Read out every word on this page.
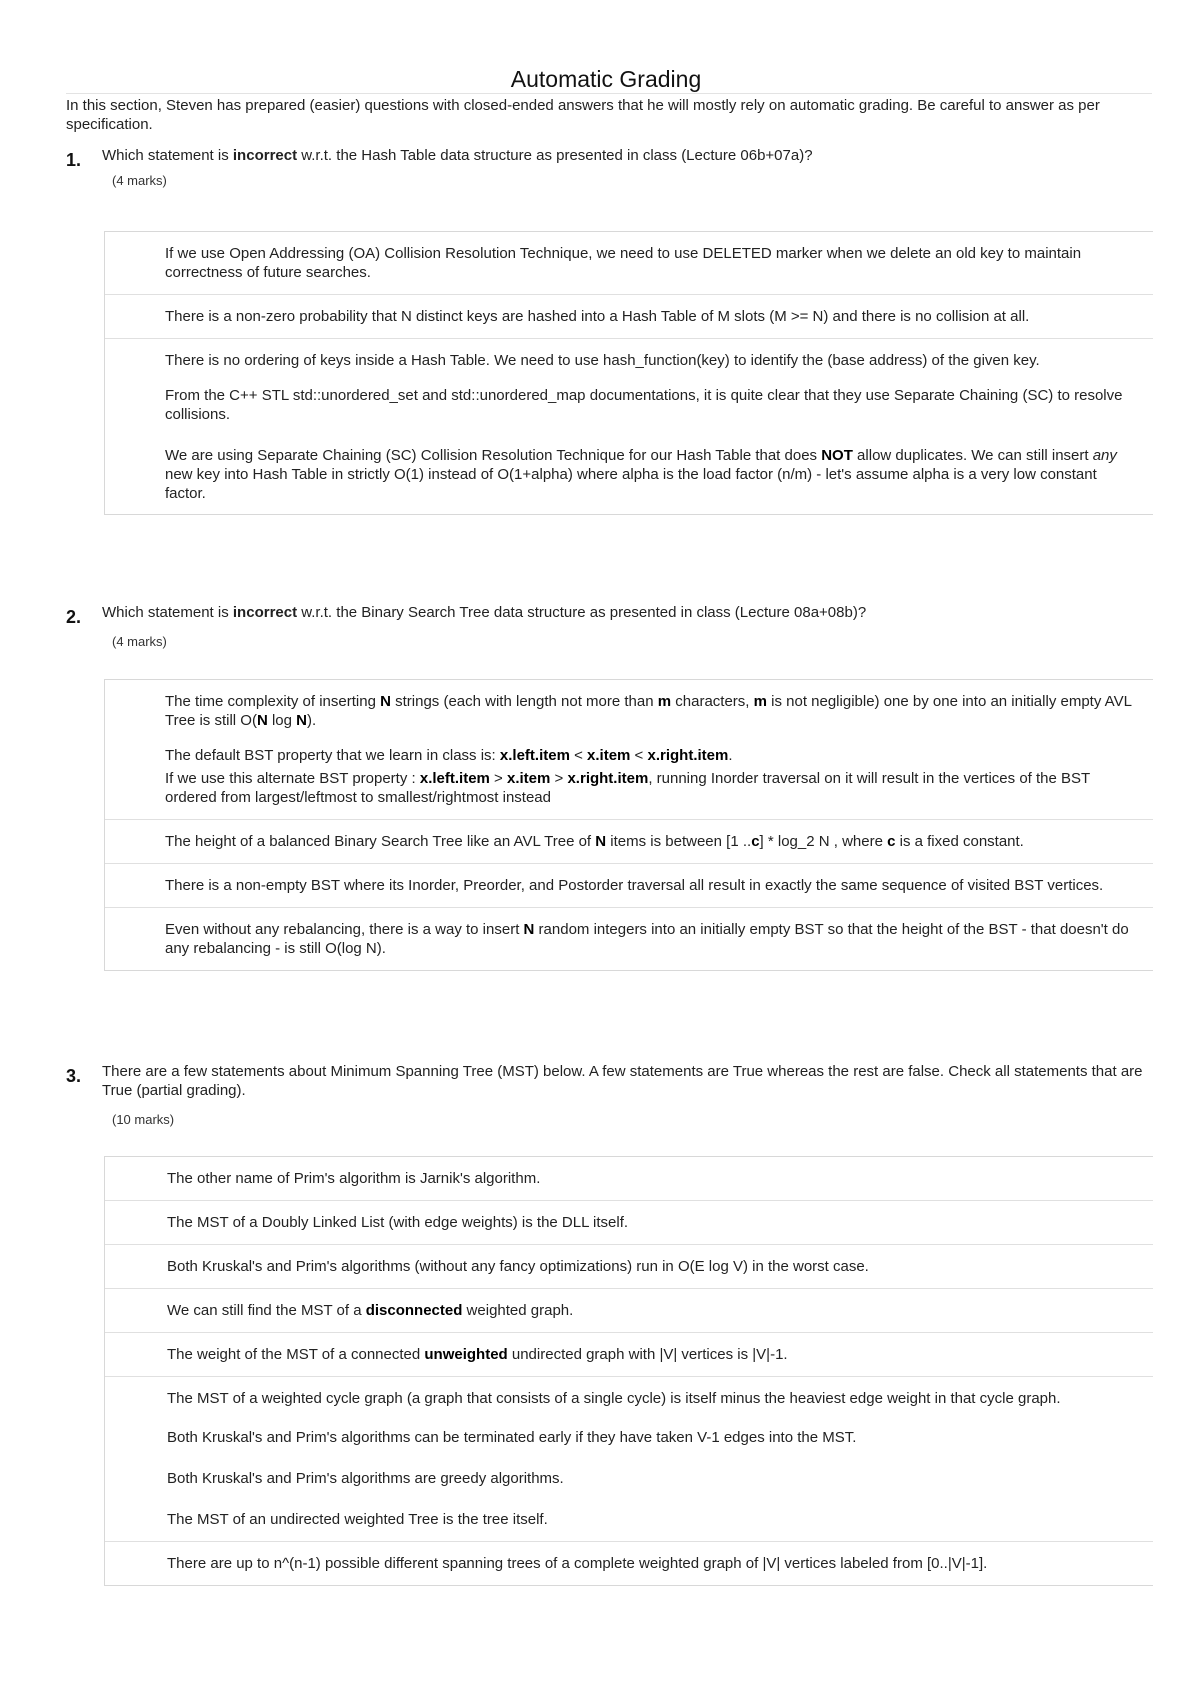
Automatic Grading
In this section, Steven has prepared (easier) questions with closed-ended answers that he will mostly rely on automatic grading. Be careful to answer as per specification.
1. Which statement is incorrect w.r.t. the Hash Table data structure as presented in class (Lecture 06b+07a)?
(4 marks)
If we use Open Addressing (OA) Collision Resolution Technique, we need to use DELETED marker when we delete an old key to maintain correctness of future searches.
There is a non-zero probability that N distinct keys are hashed into a Hash Table of M slots (M >= N) and there is no collision at all.
There is no ordering of keys inside a Hash Table. We need to use hash_function(key) to identify the (base address) of the given key.
From the C++ STL std::unordered_set and std::unordered_map documentations, it is quite clear that they use Separate Chaining (SC) to resolve collisions.
We are using Separate Chaining (SC) Collision Resolution Technique for our Hash Table that does NOT allow duplicates. We can still insert any new key into Hash Table in strictly O(1) instead of O(1+alpha) where alpha is the load factor (n/m) - let's assume alpha is a very low constant factor.
2. Which statement is incorrect w.r.t. the Binary Search Tree data structure as presented in class (Lecture 08a+08b)?
(4 marks)
The time complexity of inserting N strings (each with length not more than m characters, m is not negligible) one by one into an initially empty AVL Tree is still O(N log N).
The default BST property that we learn in class is: x.left.item < x.item < x.right.item.
If we use this alternate BST property : x.left.item > x.item > x.right.item, running Inorder traversal on it will result in the vertices of the BST ordered from largest/leftmost to smallest/rightmost instead
The height of a balanced Binary Search Tree like an AVL Tree of N items is between [1 ..c] * log_2 N , where c is a fixed constant.
There is a non-empty BST where its Inorder, Preorder, and Postorder traversal all result in exactly the same sequence of visited BST vertices.
Even without any rebalancing, there is a way to insert N random integers into an initially empty BST so that the height of the BST - that doesn't do any rebalancing - is still O(log N).
3. There are a few statements about Minimum Spanning Tree (MST) below. A few statements are True whereas the rest are false. Check all statements that are True (partial grading).
(10 marks)
The other name of Prim's algorithm is Jarnik's algorithm.
The MST of a Doubly Linked List (with edge weights) is the DLL itself.
Both Kruskal's and Prim's algorithms (without any fancy optimizations) run in O(E log V) in the worst case.
We can still find the MST of a disconnected weighted graph.
The weight of the MST of a connected unweighted undirected graph with |V| vertices is |V|-1.
The MST of a weighted cycle graph (a graph that consists of a single cycle) is itself minus the heaviest edge weight in that cycle graph.
Both Kruskal's and Prim's algorithms can be terminated early if they have taken V-1 edges into the MST.
Both Kruskal's and Prim's algorithms are greedy algorithms.
The MST of an undirected weighted Tree is the tree itself.
There are up to n^(n-1) possible different spanning trees of a complete weighted graph of |V| vertices labeled from [0..|V|-1].
